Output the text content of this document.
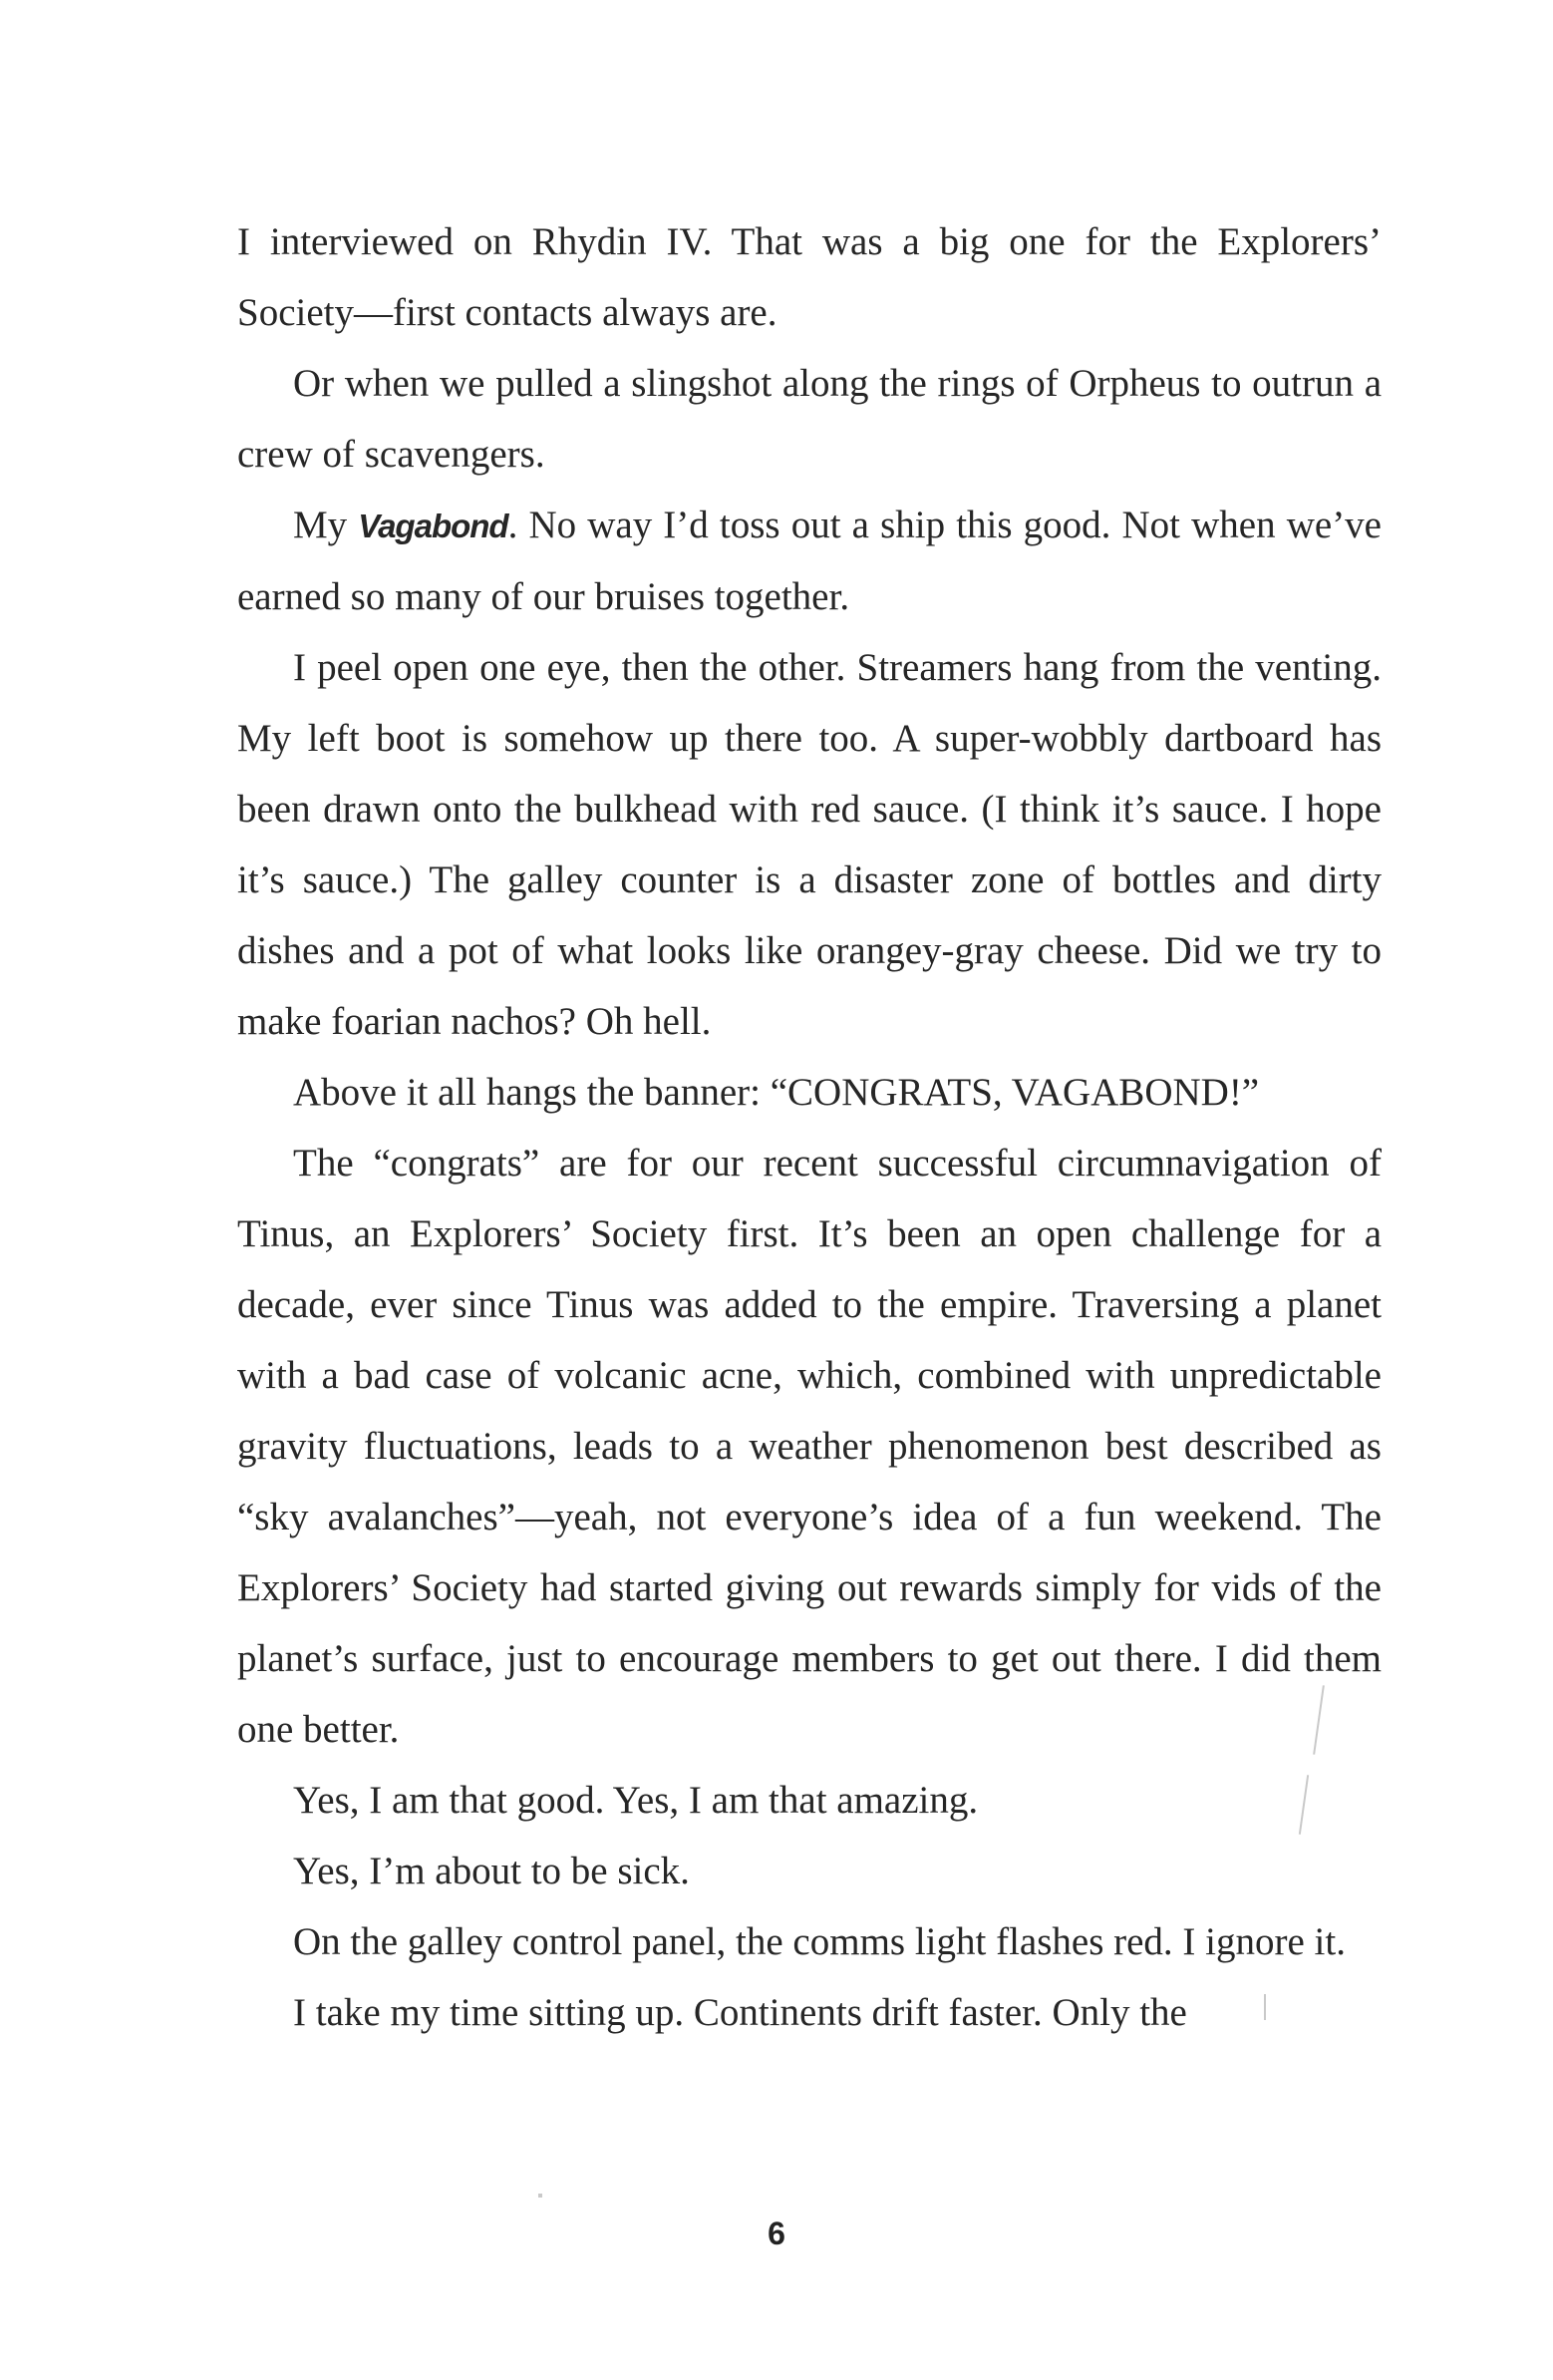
I interviewed on Rhydin IV. That was a big one for the Explorers’ Society—first contacts always are.

Or when we pulled a slingshot along the rings of Orpheus to outrun a crew of scavengers.

My Vagabond. No way I’d toss out a ship this good. Not when we’ve earned so many of our bruises together.

I peel open one eye, then the other. Streamers hang from the venting. My left boot is somehow up there too. A super-wobbly dartboard has been drawn onto the bulkhead with red sauce. (I think it’s sauce. I hope it’s sauce.) The galley counter is a disaster zone of bottles and dirty dishes and a pot of what looks like orangey-gray cheese. Did we try to make foarian nachos? Oh hell.

Above it all hangs the banner: “CONGRATS, VAGABOND!”

The “congrats” are for our recent successful circumnavigation of Tinus, an Explorers’ Society first. It’s been an open challenge for a decade, ever since Tinus was added to the empire. Traversing a planet with a bad case of volcanic acne, which, combined with unpredictable gravity fluctuations, leads to a weather phenomenon best described as “sky avalanches”—yeah, not everyone’s idea of a fun weekend. The Explorers’ Society had started giving out rewards simply for vids of the planet’s surface, just to encourage members to get out there. I did them one better.

Yes, I am that good. Yes, I am that amazing.

Yes, I’m about to be sick.

On the galley control panel, the comms light flashes red. I ignore it.

I take my time sitting up. Continents drift faster. Only the

6
